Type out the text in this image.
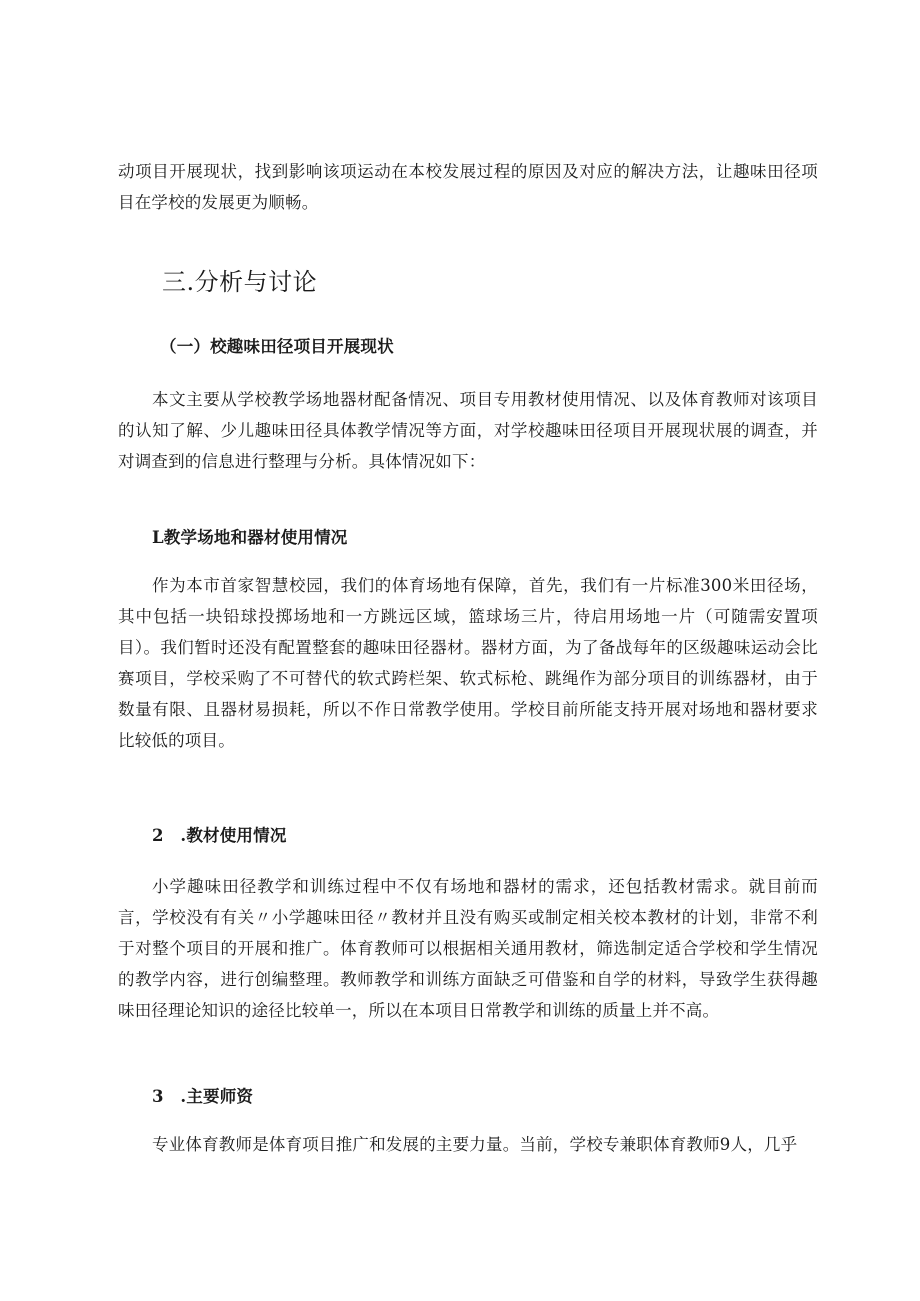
动项目开展现状，找到影响该项运动在本校发展过程的原因及对应的解决方法，让趣味田径项目在学校的发展更为顺畅。

三.分析与讨论
（一）校趣味田径项目开展现状

本文主要从学校教学场地器材配备情况、项目专用教材使用情况、以及体育教师对该项目的认知了解、少儿趣味田径具体教学情况等方面，对学校趣味田径项目开展现状展的调查，并对调查到的信息进行整理与分析。具体情况如下：

L教学场地和器材使用情况

作为本市首家智慧校园，我们的体育场地有保障，首先，我们有一片标准300米田径场，其中包括一块铅球投掷场地和一方跳远区域，篮球场三片，待启用场地一片（可随需安置项目）。我们暂时还没有配置整套的趣味田径器材。器材方面，为了备战每年的区级趣味运动会比赛项目，学校采购了不可替代的软式跨栏架、软式标枪、跳绳作为部分项目的训练器材，由于数量有限、且器材易损耗，所以不作日常教学使用。学校目前所能支持开展对场地和器材要求比较低的项目。

2　.教材使用情况

小学趣味田径教学和训练过程中不仅有场地和器材的需求，还包括教材需求。就目前而言，学校没有有关〃小学趣味田径〃教材并且没有购买或制定相关校本教材的计划，非常不利于对整个项目的开展和推广。体育教师可以根据相关通用教材，筛选制定适合学校和学生情况的教学内容，进行创编整理。教师教学和训练方面缺乏可借鉴和自学的材料，导致学生获得趣味田径理论知识的途径比较单一，所以在本项目日常教学和训练的质量上并不高。

3　.主要师资

专业体育教师是体育项目推广和发展的主要力量。当前，学校专兼职体育教师9人，几乎
